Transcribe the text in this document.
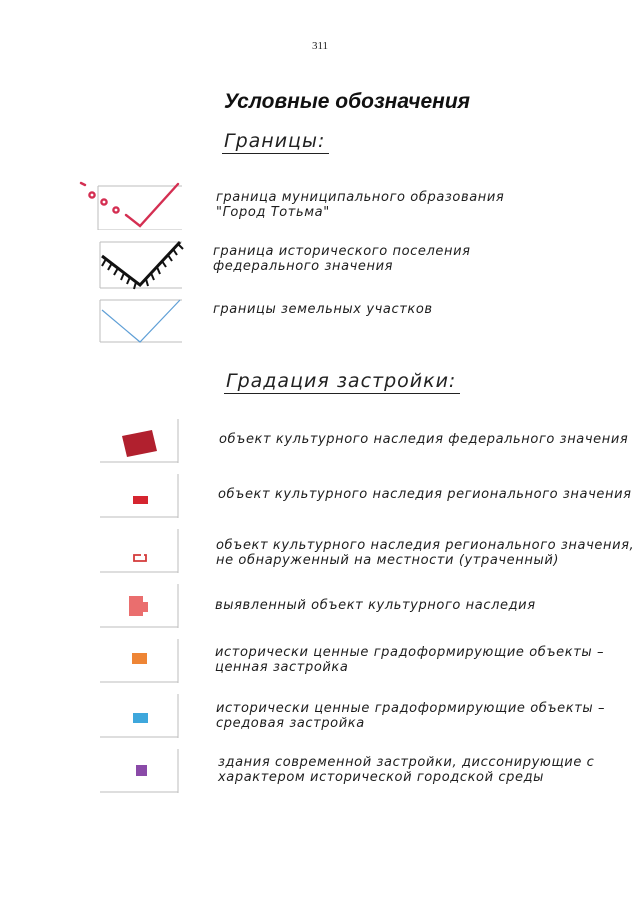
311
Условные обозначения
Границы:
граница муниципального образования
"Город Тотьма"
граница исторического поселения
федерального значения
границы земельных участков
Градация застройки:
объект культурного наследия федерального значения
объект культурного наследия регионального значения
объект культурного наследия регионального значения,
не обнаруженный на местности (утраченный)
выявленный объект культурного наследия
исторически ценные градоформирующие объекты –
ценная застройка
исторически ценные градоформирующие объекты –
средовая застройка
здания современной застройки, диссонирующие с
характером исторической городской среды
